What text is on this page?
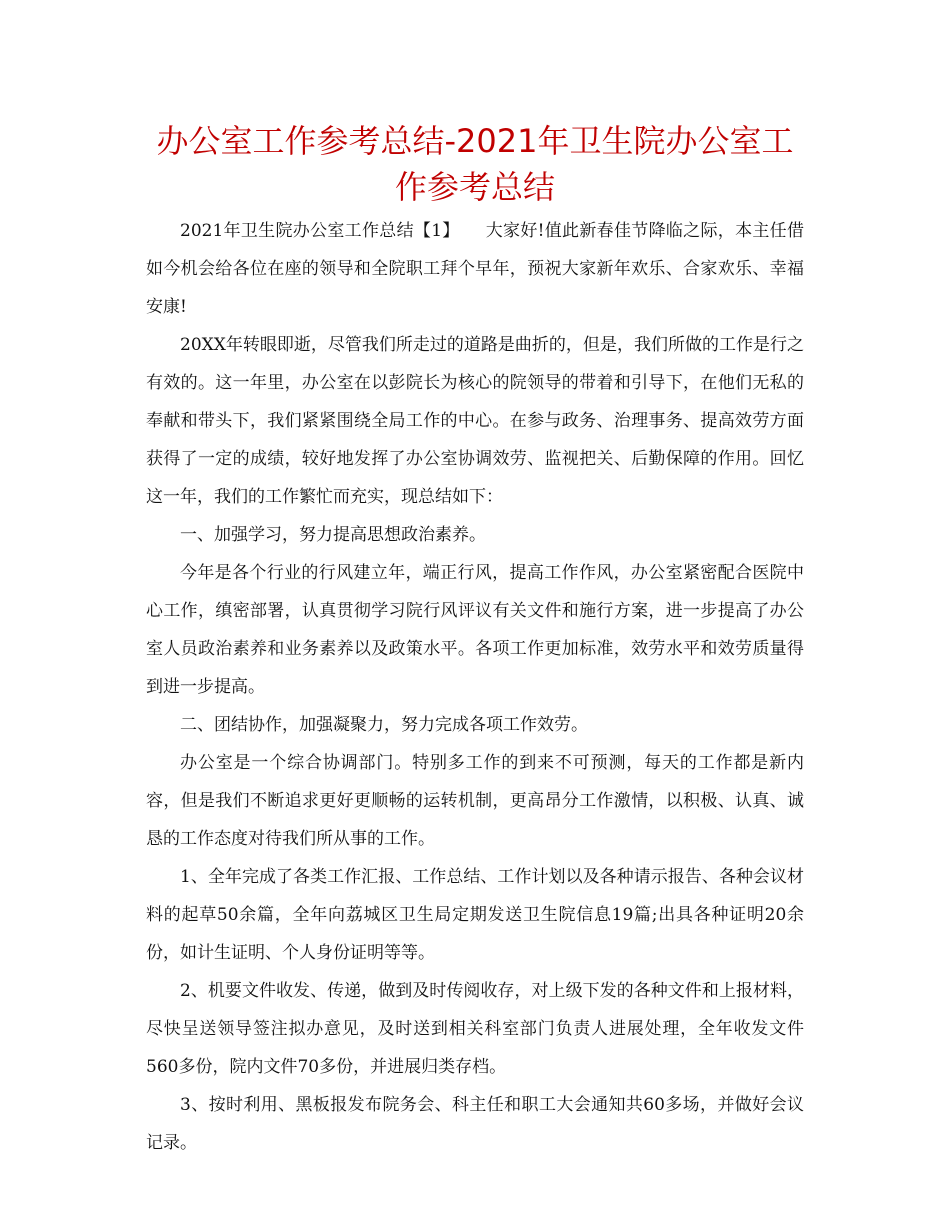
办公室工作参考总结-2021年卫生院办公室工作参考总结

2021年卫生院办公室工作总结【1】　　大家好!值此新春佳节降临之际，本主任借如今机会给各位在座的领导和全院职工拜个早年，预祝大家新年欢乐、合家欢乐、幸福安康!

20XX年转眼即逝，尽管我们所走过的道路是曲折的，但是，我们所做的工作是行之有效的。这一年里，办公室在以彭院长为核心的院领导的带着和引导下，在他们无私的奉献和带头下，我们紧紧围绕全局工作的中心。在参与政务、治理事务、提高效劳方面获得了一定的成绩，较好地发挥了办公室协调效劳、监视把关、后勤保障的作用。回忆这一年，我们的工作繁忙而充实，现总结如下：

一、加强学习，努力提高思想政治素养。

今年是各个行业的行风建立年，端正行风，提高工作作风，办公室紧密配合医院中心工作，缜密部署，认真贯彻学习院行风评议有关文件和施行方案，进一步提高了办公室人员政治素养和业务素养以及政策水平。各项工作更加标准，效劳水平和效劳质量得到进一步提高。

二、团结协作，加强凝聚力，努力完成各项工作效劳。

办公室是一个综合协调部门。特别多工作的到来不可预测，每天的工作都是新内容，但是我们不断追求更好更顺畅的运转机制，更高昂分工作激情，以积极、认真、诚恳的工作态度对待我们所从事的工作。

1、全年完成了各类工作汇报、工作总结、工作计划以及各种请示报告、各种会议材料的起草50余篇，全年向荔城区卫生局定期发送卫生院信息19篇;出具各种证明20余份，如计生证明、个人身份证明等等。

2、机要文件收发、传递，做到及时传阅收存，对上级下发的各种文件和上报材料，尽快呈送领导签注拟办意见，及时送到相关科室部门负责人进展处理，全年收发文件560多份，院内文件70多份，并进展归类存档。

3、按时利用、黑板报发布院务会、科主任和职工大会通知共60多场，并做好会议记录。
